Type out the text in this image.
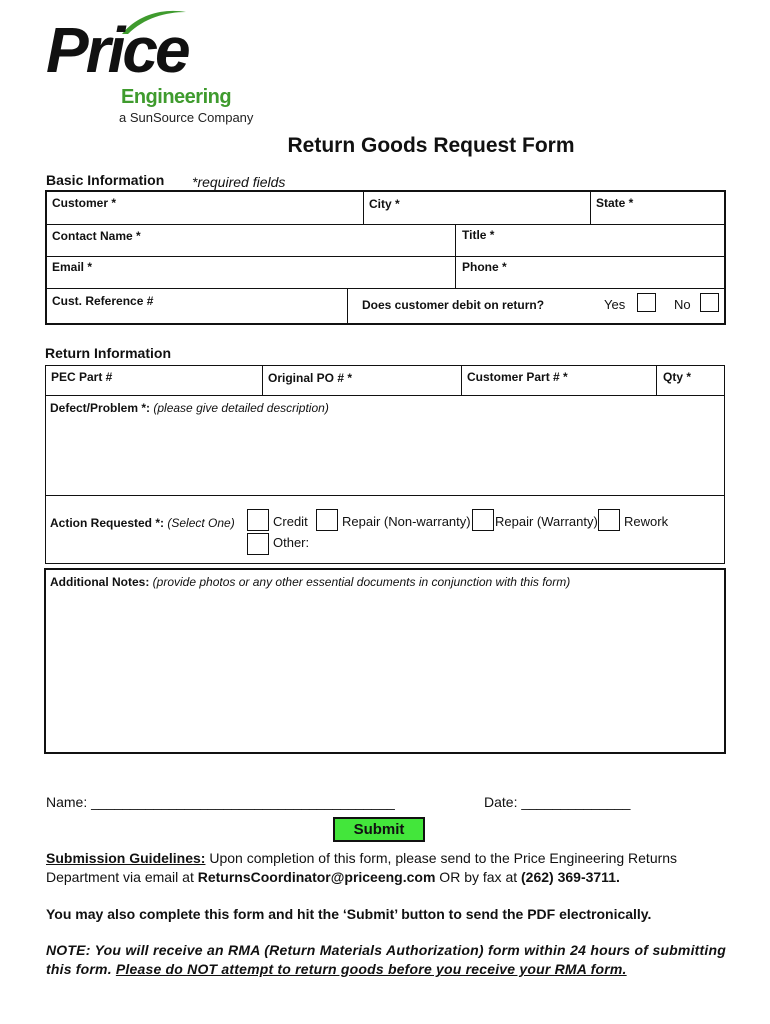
Price
Engineering
a SunSource Company
Return Goods Request Form
Basic Information *required fields
Customer *	City *	State *
Contact Name *	Title *
Email *	Phone *
Cust. Reference #	Does customer debit on return?	Yes	No
Return Information
PEC Part #	Original PO # *	Customer Part # *	Qty *
Defect/Problem *: (please give detailed description)
Action Requested *: (Select One)	Credit	Repair (Non-warranty) Repair (Warranty) Rework
Other:
Additional Notes: (provide photos or any other essential documents in conjunction with this form)
Name: _______________________________________	Date: ______________
Submit
Submission Guidelines: Upon completion of this form, please send to the Price Engineering Returns Department via email at ReturnsCoordinator@priceeng.com OR by fax at (262) 369-3711.
You may also complete this form and hit the ‘Submit’ button to send the PDF electronically.
NOTE: You will receive an RMA (Return Materials Authorization) form within 24 hours of submitting this form. Please do NOT attempt to return goods before you receive your RMA form.
